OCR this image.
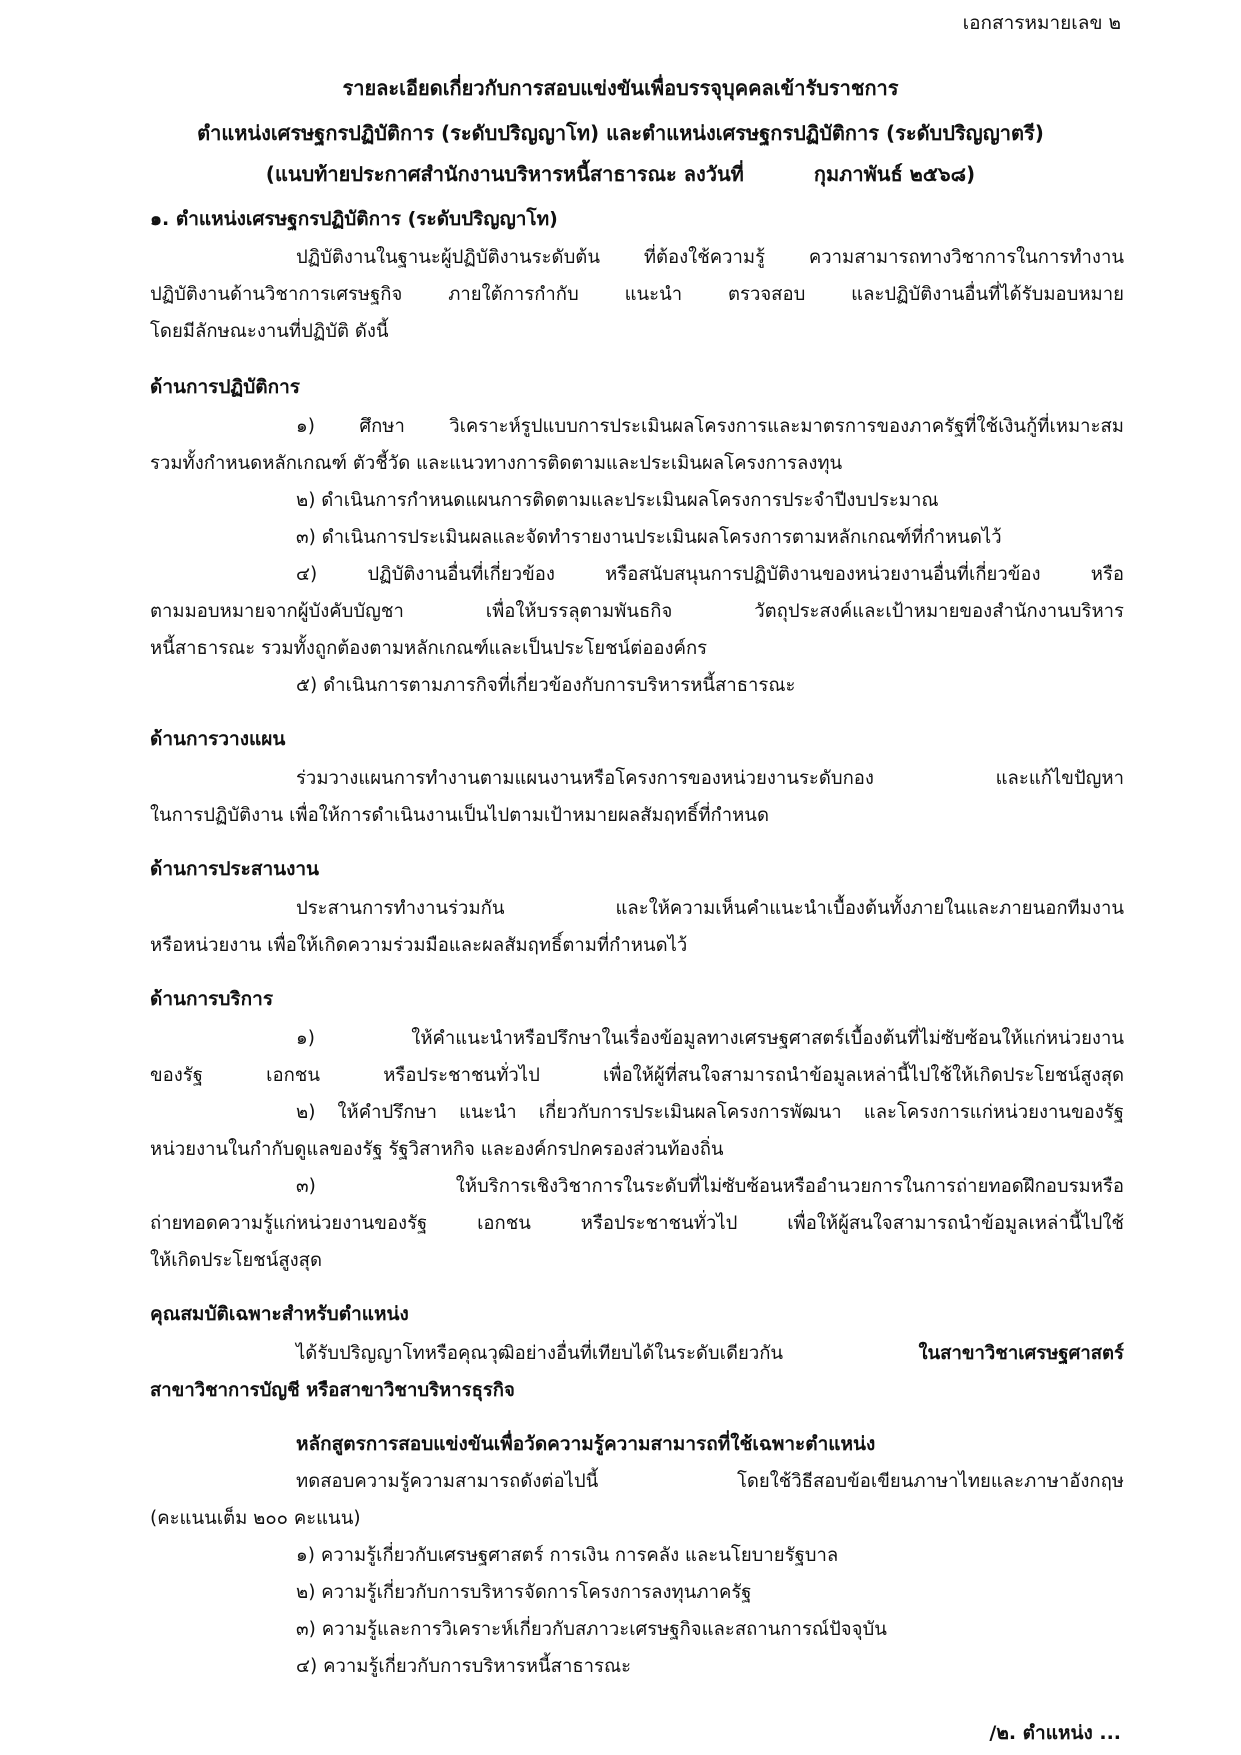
เอกสารหมายเลข ๒
รายละเอียดเกี่ยวกับการสอบแข่งขันเพื่อบรรจุบุคคลเข้ารับราชการ
ตำแหน่งเศรษฐกรปฏิบัติการ (ระดับปริญญาโท) และตำแหน่งเศรษฐกรปฏิบัติการ (ระดับปริญญาตรี)
(แนบท้ายประกาศสำนักงานบริหารหนี้สาธารณะ ลงวันที่	กุมภาพันธ์ ๒๕๖๘)
๑. ตำแหน่งเศรษฐกรปฏิบัติการ (ระดับปริญญาโท)
ปฏิบัติงานในฐานะผู้ปฏิบัติงานระดับต้น ที่ต้องใช้ความรู้ ความสามารถทางวิชาการในการทำงาน
ปฏิบัติงานด้านวิชาการเศรษฐกิจ ภายใต้การกำกับ แนะนำ ตรวจสอบ และปฏิบัติงานอื่นที่ได้รับมอบหมาย
โดยมีลักษณะงานที่ปฏิบัติ ดังนี้
ด้านการปฏิบัติการ
๑) ศึกษา วิเคราะห์รูปแบบการประเมินผลโครงการและมาตรการของภาครัฐที่ใช้เงินกู้ที่เหมาะสม
รวมทั้งกำหนดหลักเกณฑ์ ตัวชี้วัด และแนวทางการติดตามและประเมินผลโครงการลงทุน
๒) ดำเนินการกำหนดแผนการติดตามและประเมินผลโครงการประจำปีงบประมาณ
๓) ดำเนินการประเมินผลและจัดทำรายงานประเมินผลโครงการตามหลักเกณฑ์ที่กำหนดไว้
๔) ปฏิบัติงานอื่นที่เกี่ยวข้อง หรือสนับสนุนการปฏิบัติงานของหน่วยงานอื่นที่เกี่ยวข้อง หรือ
ตามมอบหมายจากผู้บังคับบัญชา เพื่อให้บรรลุตามพันธกิจ วัตถุประสงค์และเป้าหมายของสำนักงานบริหาร
หนี้สาธารณะ รวมทั้งถูกต้องตามหลักเกณฑ์และเป็นประโยชน์ต่อองค์กร
๕) ดำเนินการตามภารกิจที่เกี่ยวข้องกับการบริหารหนี้สาธารณะ
ด้านการวางแผน
ร่วมวางแผนการทำงานตามแผนงานหรือโครงการของหน่วยงานระดับกอง และแก้ไขปัญหา
ในการปฏิบัติงาน เพื่อให้การดำเนินงานเป็นไปตามเป้าหมายผลสัมฤทธิ์ที่กำหนด
ด้านการประสานงาน
ประสานการทำงานร่วมกัน และให้ความเห็นคำแนะนำเบื้องต้นทั้งภายในและภายนอกทีมงาน
หรือหน่วยงาน เพื่อให้เกิดความร่วมมือและผลสัมฤทธิ์ตามที่กำหนดไว้
ด้านการบริการ
๑) ให้คำแนะนำหรือปรึกษาในเรื่องข้อมูลทางเศรษฐศาสตร์เบื้องต้นที่ไม่ซับซ้อนให้แก่หน่วยงาน
ของรัฐ เอกชน หรือประชาชนทั่วไป เพื่อให้ผู้ที่สนใจสามารถนำข้อมูลเหล่านี้ไปใช้ให้เกิดประโยชน์สูงสุด
๒) ให้คำปรึกษา แนะนำ เกี่ยวกับการประเมินผลโครงการพัฒนา และโครงการแก่หน่วยงานของรัฐ
หน่วยงานในกำกับดูแลของรัฐ รัฐวิสาหกิจ และองค์กรปกครองส่วนท้องถิ่น
๓) ให้บริการเชิงวิชาการในระดับที่ไม่ซับซ้อนหรืออำนวยการในการถ่ายทอดฝึกอบรมหรือ
ถ่ายทอดความรู้แก่หน่วยงานของรัฐ เอกชน หรือประชาชนทั่วไป เพื่อให้ผู้สนใจสามารถนำข้อมูลเหล่านี้ไปใช้
ให้เกิดประโยชน์สูงสุด
คุณสมบัติเฉพาะสำหรับตำแหน่ง
ได้รับปริญญาโทหรือคุณวุฒิอย่างอื่นที่เทียบได้ในระดับเดียวกัน	ในสาขาวิชาเศรษฐศาสตร์
สาขาวิชาการบัญชี หรือสาขาวิชาบริหารธุรกิจ
หลักสูตรการสอบแข่งขันเพื่อวัดความรู้ความสามารถที่ใช้เฉพาะตำแหน่ง
ทดสอบความรู้ความสามารถดังต่อไปนี้ โดยใช้วิธีสอบข้อเขียนภาษาไทยและภาษาอังกฤษ
(คะแนนเต็ม ๒๐๐ คะแนน)
๑) ความรู้เกี่ยวกับเศรษฐศาสตร์ การเงิน การคลัง และนโยบายรัฐบาล
๒) ความรู้เกี่ยวกับการบริหารจัดการโครงการลงทุนภาครัฐ
๓) ความรู้และการวิเคราะห์เกี่ยวกับสภาวะเศรษฐกิจและสถานการณ์ปัจจุบัน
๔) ความรู้เกี่ยวกับการบริหารหนี้สาธารณะ
/๒. ตำแหน่ง ...
